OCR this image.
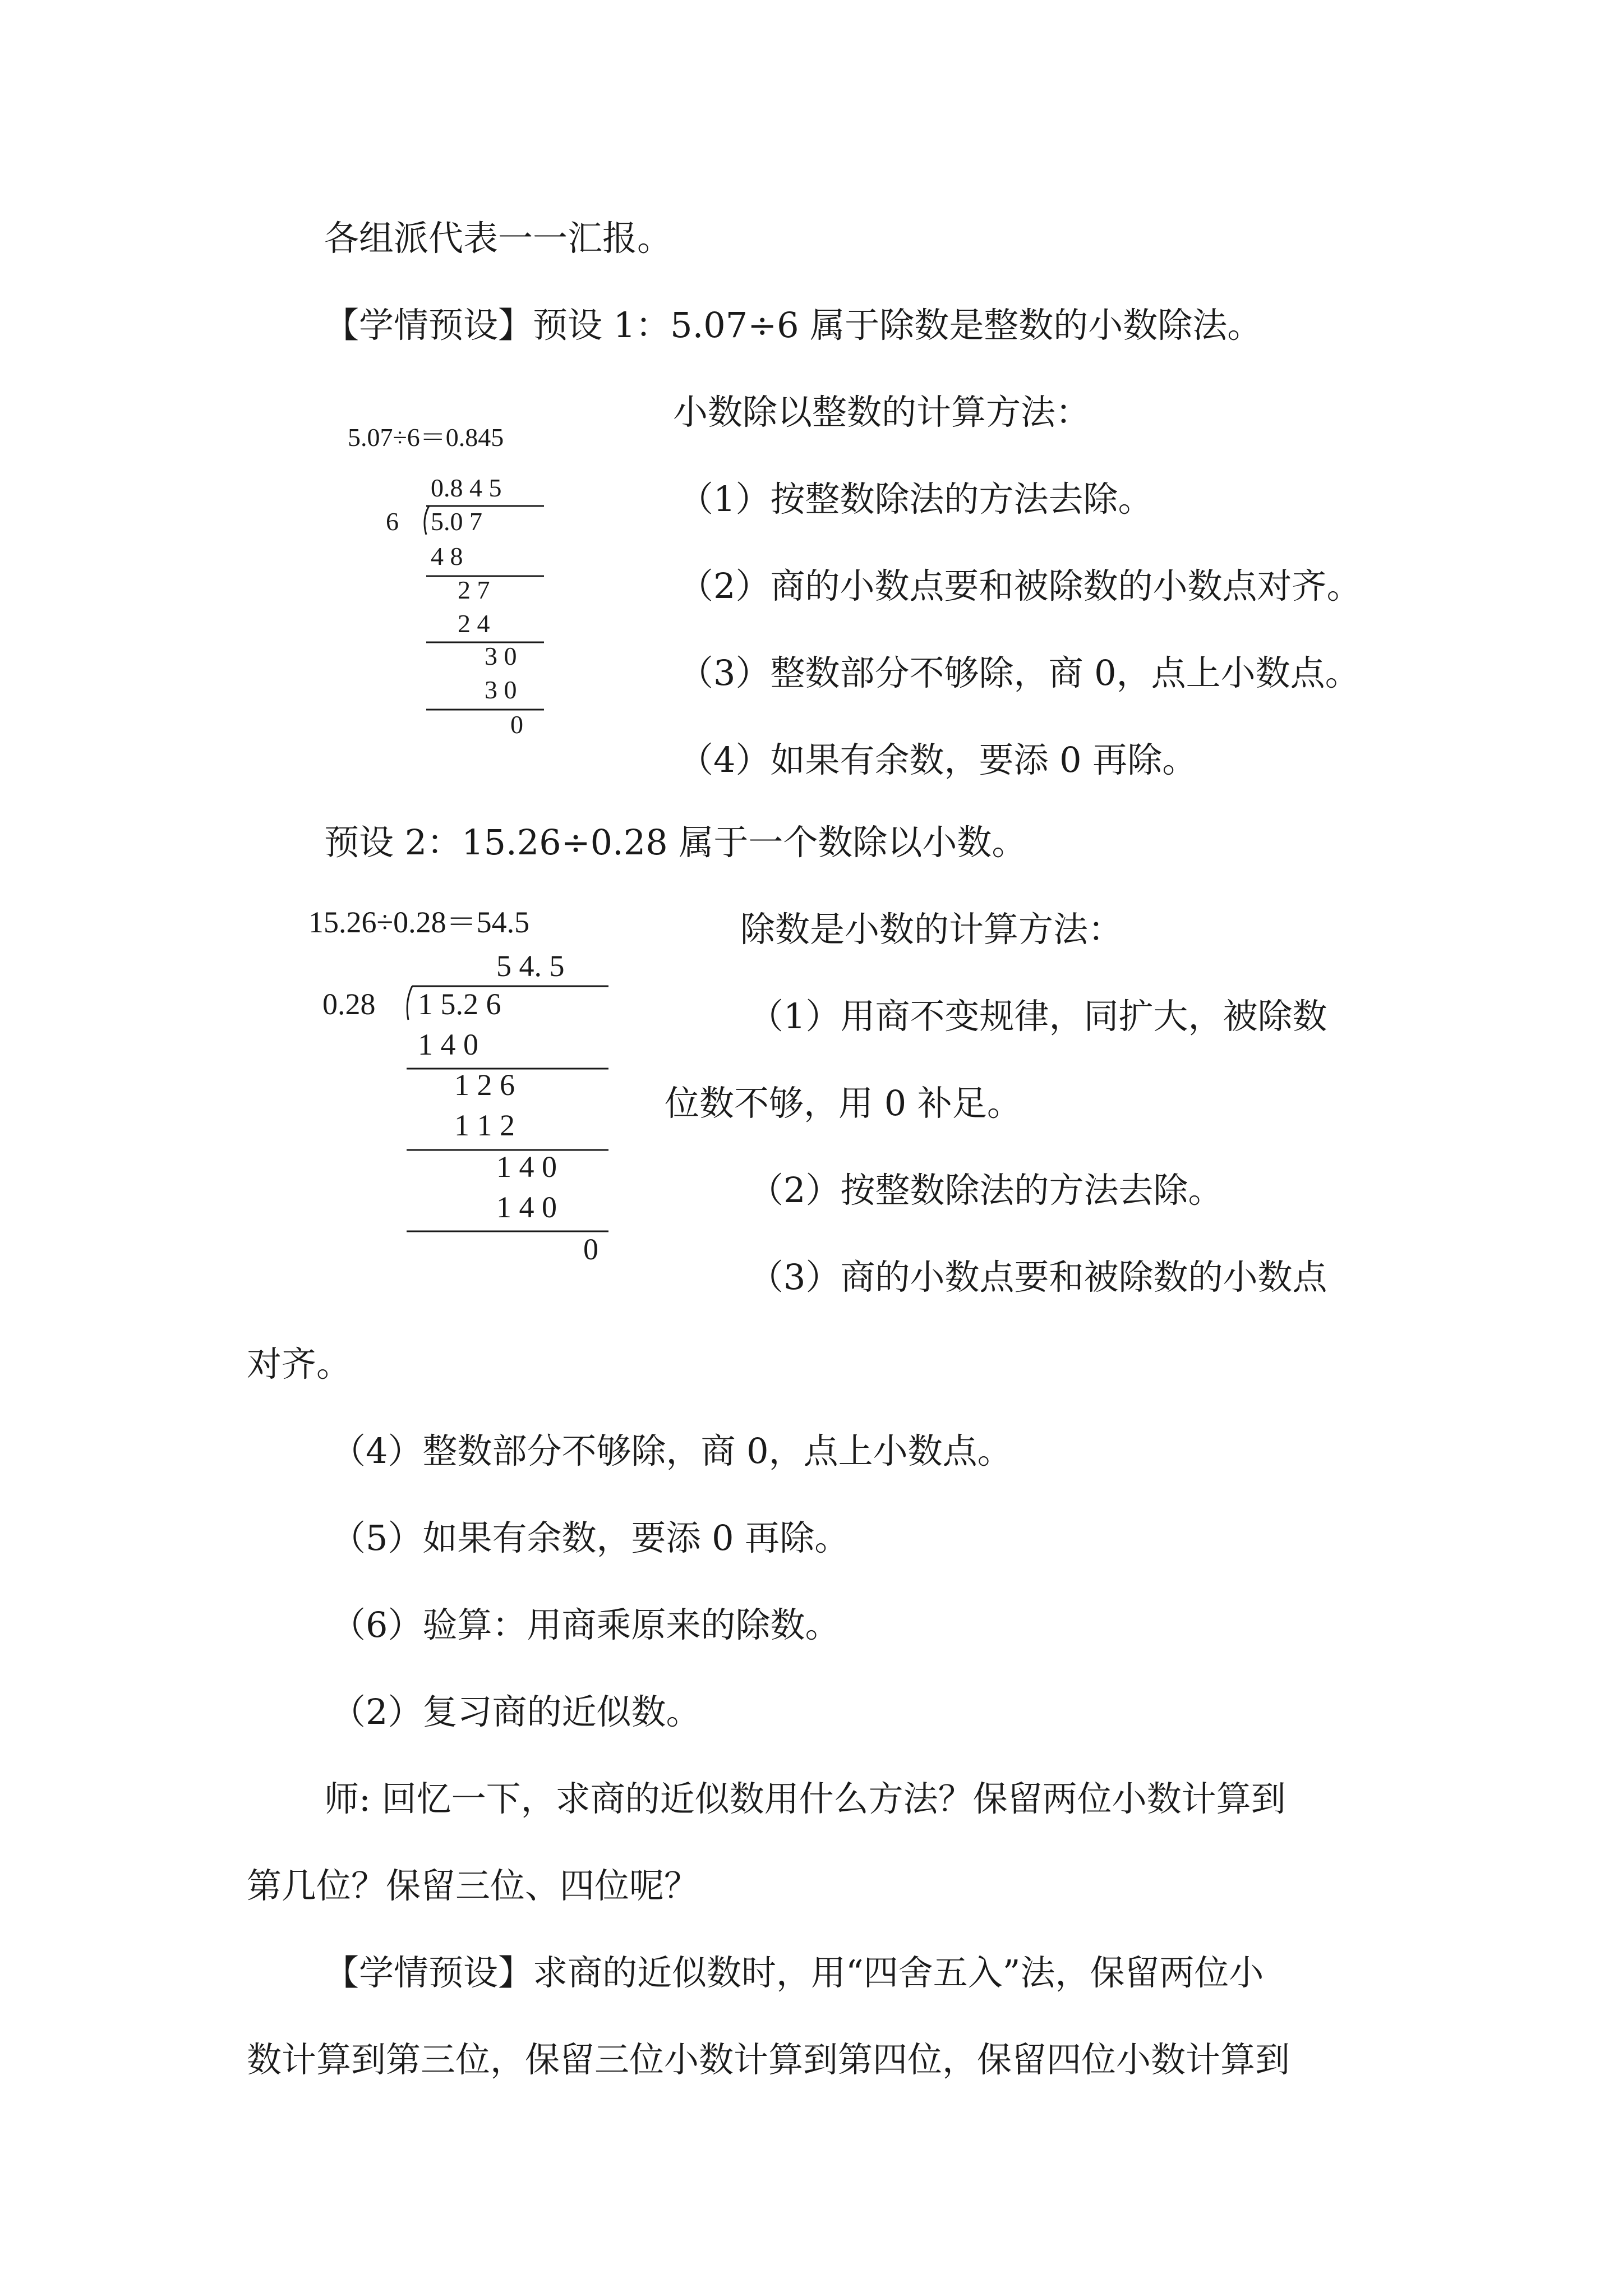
各组派代表一一汇报。
【学情预设】预设 1：5.07÷6 属于除数是整数的小数除法。
小数除以整数的计算方法：
（1）按整数除法的方法去除。
（2）商的小数点要和被除数的小数点对齐。
（3）整数部分不够除，商 0，点上小数点。
（4）如果有余数，要添 0 再除。
预设 2：15.26÷0.28 属于一个数除以小数。
除数是小数的计算方法：
（1）用商不变规律，同扩大，被除数
位数不够，用 0 补足。
（2）按整数除法的方法去除。
（3）商的小数点要和被除数的小数点
对齐。
（4）整数部分不够除，商 0，点上小数点。
（5）如果有余数，要添 0 再除。
（6）验算：用商乘原来的除数。
（2）复习商的近似数。
师: 回忆一下，求商的近似数用什么方法？保留两位小数计算到
第几位？保留三位、四位呢？
【学情预设】求商的近似数时，用“四舍五入”法，保留两位小
数计算到第三位，保留三位小数计算到第四位，保留四位小数计算到
5.07÷6＝0.845
0.8 4 5
6 5.0 7
4 8
2 7
2 4
3 0
3 0
0
15.26÷0.28＝54.5
5 4. 5
0.28 1 5.2 6
1 4 0
1 2 6
1 1 2
1 4 0
1 4 0
0
